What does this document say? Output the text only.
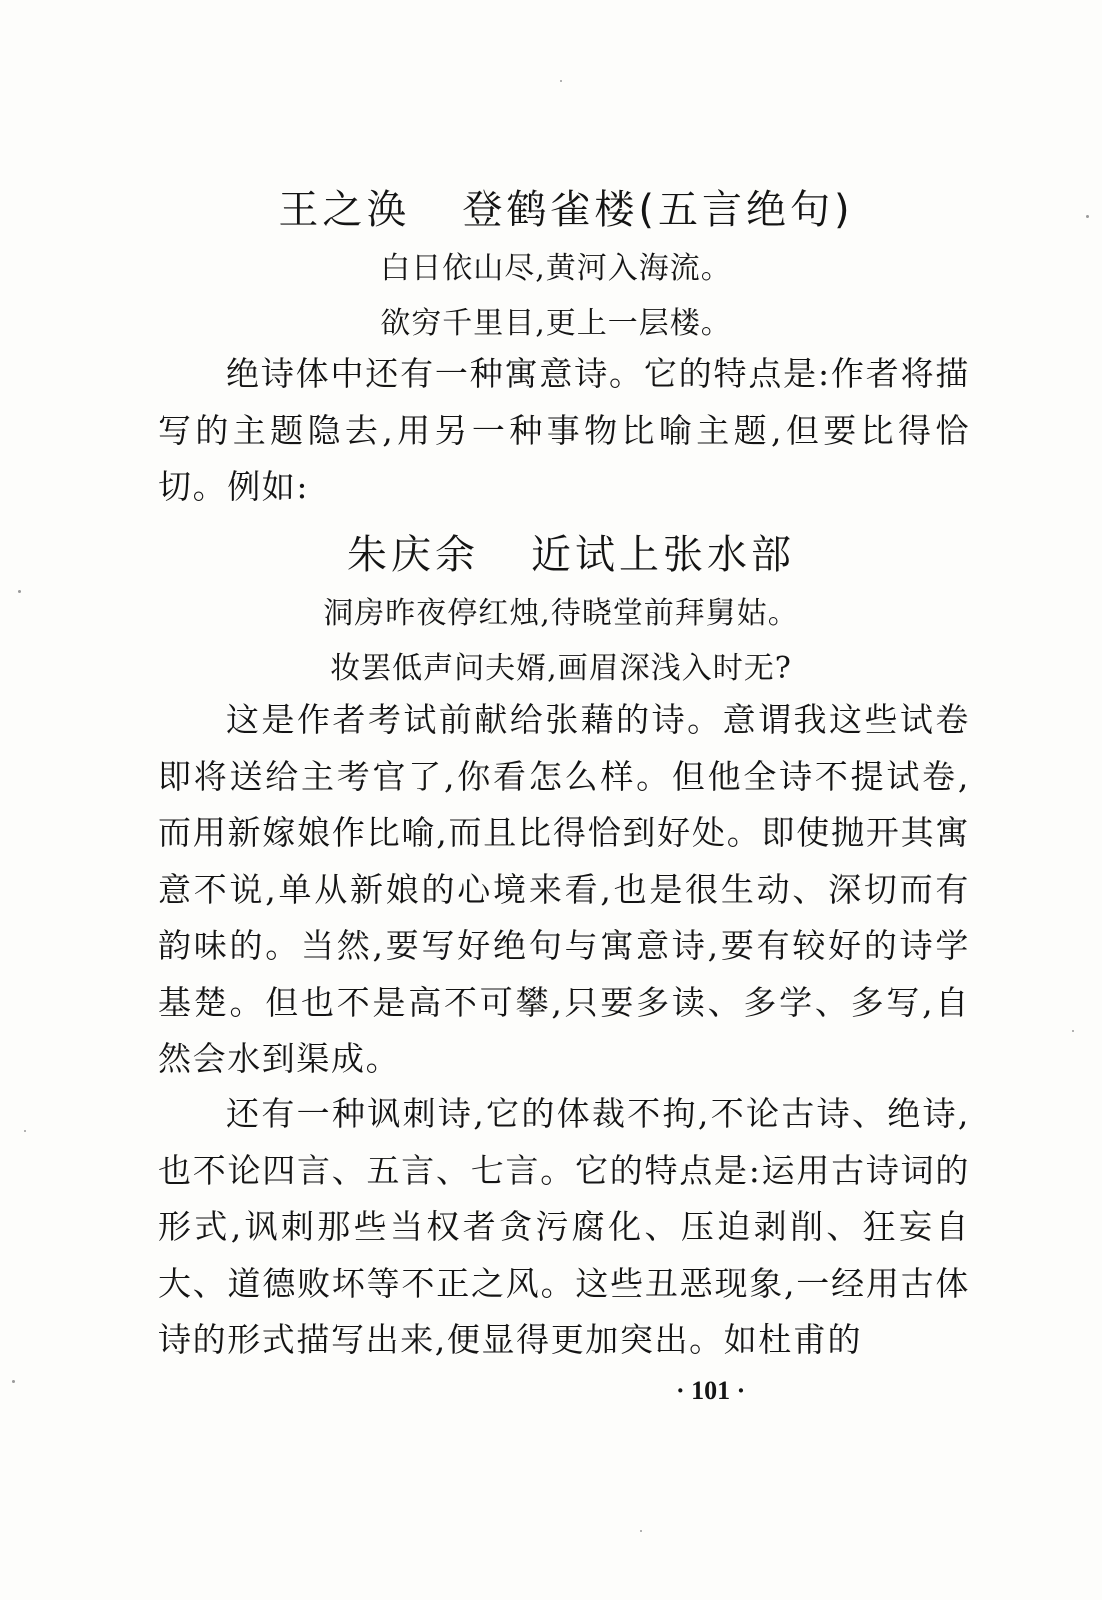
王之涣 登鹤雀楼(五言绝句)
白日依山尽,黄河入海流。
欲穷千里目,更上一层楼。

绝诗体中还有一种寓意诗。它的特点是:作者将描写的主题隐去,用另一种事物比喻主题,但要比得恰切。例如:

朱庆余 近试上张水部
洞房昨夜停红烛,待晓堂前拜舅姑。
妆罢低声问夫婿,画眉深浅入时无?

这是作者考试前献给张藉的诗。意谓我这些试卷即将送给主考官了,你看怎么样。但他全诗不提试卷,而用新嫁娘作比喻,而且比得恰到好处。即使抛开其寓意不说,单从新娘的心境来看,也是很生动、深切而有韵味的。当然,要写好绝句与寓意诗,要有较好的诗学基楚。但也不是高不可攀,只要多读、多学、多写,自然会水到渠成。

还有一种讽刺诗,它的体裁不拘,不论古诗、绝诗,也不论四言、五言、七言。它的特点是:运用古诗词的形式,讽刺那些当权者贪污腐化、压迫剥削、狂妄自大、道德败坏等不正之风。这些丑恶现象,一经用古体诗的形式描写出来,便显得更加突出。如杜甫的

· 101 ·
